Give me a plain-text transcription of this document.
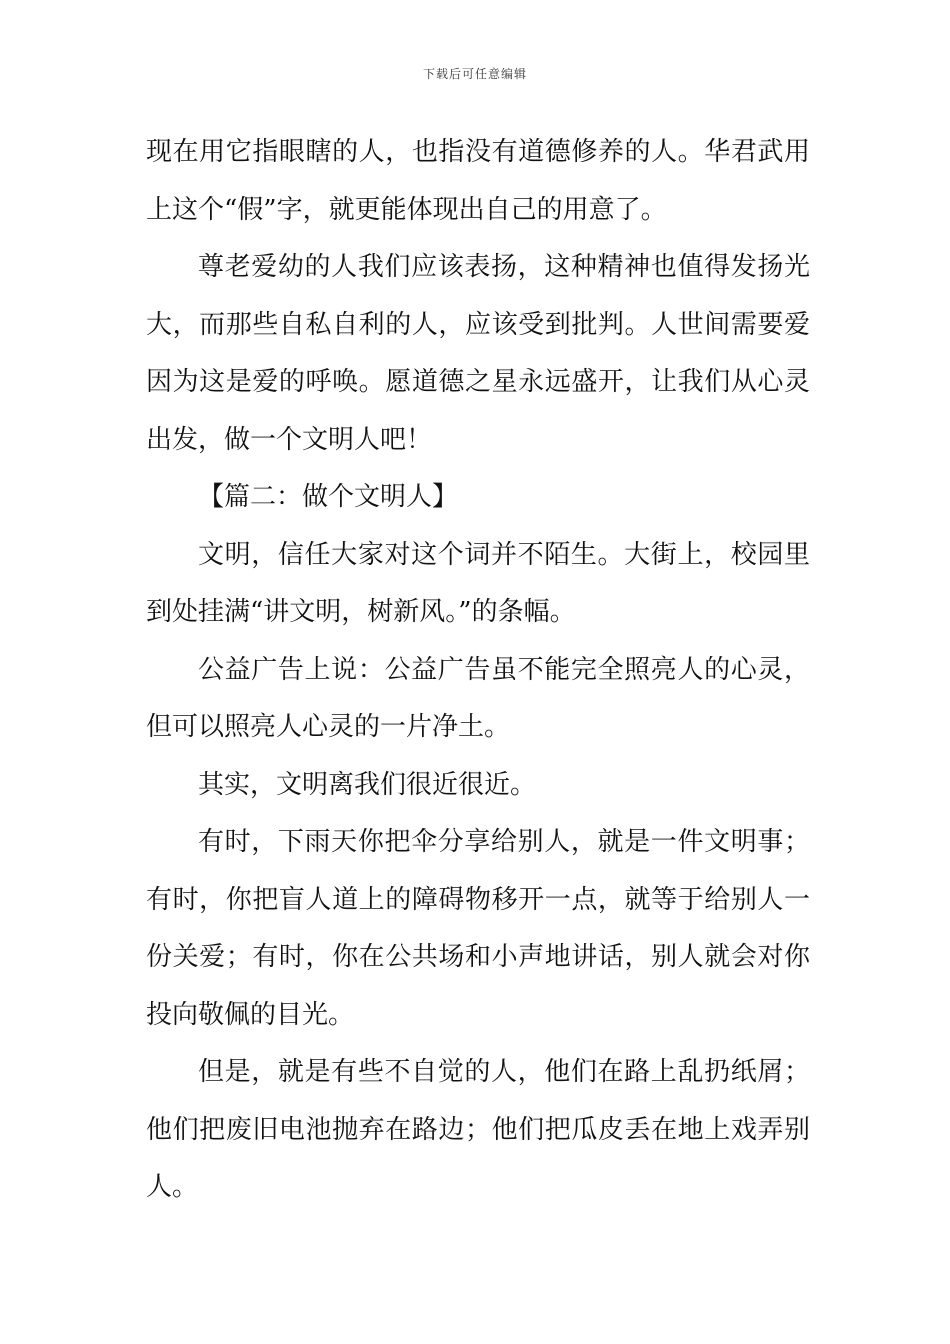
下载后可任意编辑

现在用它指眼瞎的人，也指没有道德修养的人。华君武用上这个“假”字，就更能体现出自己的用意了。

尊老爱幼的人我们应该表扬，这种精神也值得发扬光大，而那些自私自利的人，应该受到批判。人世间需要爱因为这是爱的呼唤。愿道德之星永远盛开，让我们从心灵出发，做一个文明人吧！

【篇二：做个文明人】

文明，信任大家对这个词并不陌生。大街上，校园里到处挂满“讲文明，树新风。”的条幅。

公益广告上说：公益广告虽不能完全照亮人的心灵，但可以照亮人心灵的一片净土。

其实，文明离我们很近很近。

有时，下雨天你把伞分享给别人，就是一件文明事；有时，你把盲人道上的障碍物移开一点，就等于给别人一份关爱；有时，你在公共场和小声地讲话，别人就会对你投向敬佩的目光。

但是，就是有些不自觉的人，他们在路上乱扔纸屑；他们把废旧电池抛弃在路边；他们把瓜皮丢在地上戏弄别人。
